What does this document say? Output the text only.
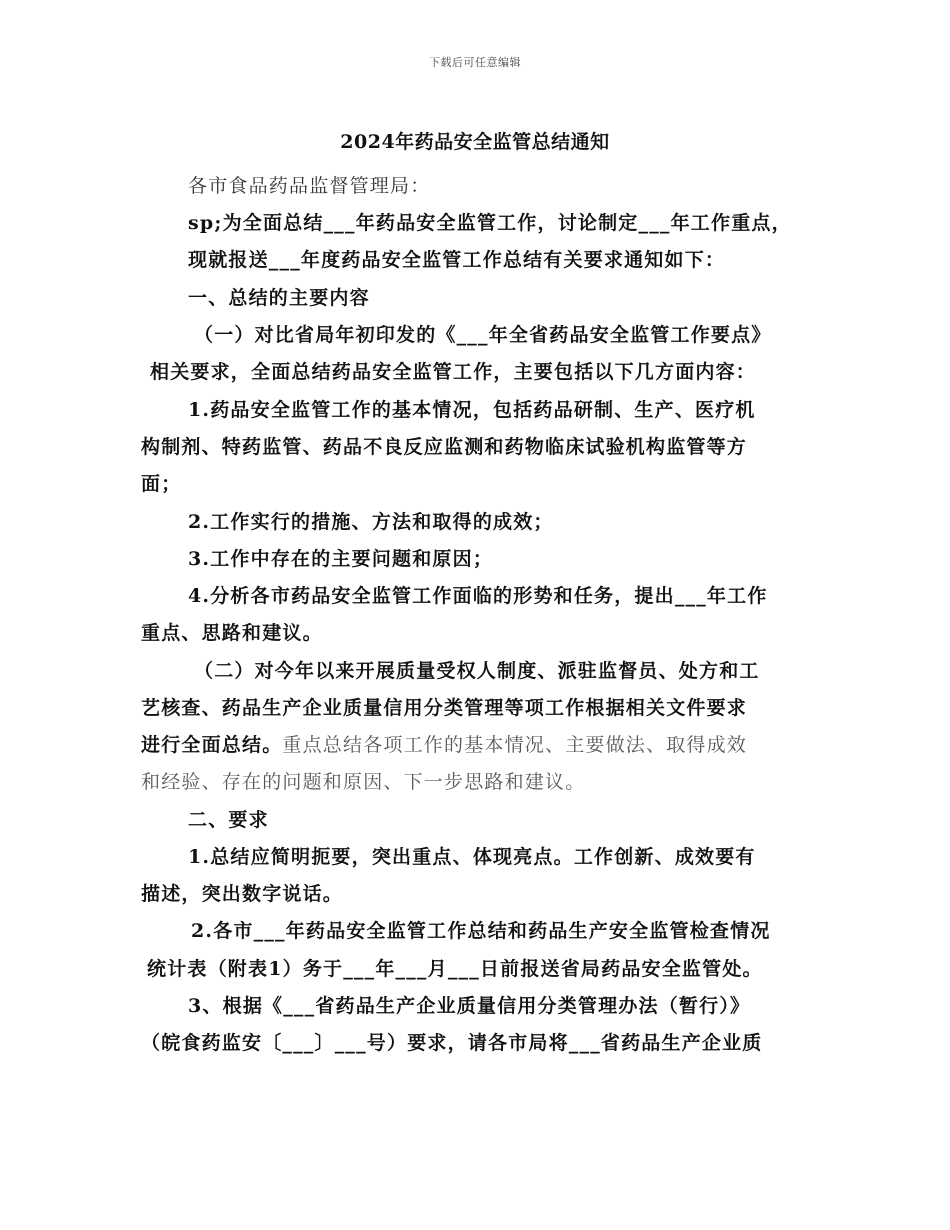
下载后可任意编辑
2024年药品安全监管总结通知
各市食品药品监督管理局：
sp;为全面总结___年药品安全监管工作，讨论制定___年工作重点，
现就报送___年度药品安全监管工作总结有关要求通知如下：
一、总结的主要内容
（一）对比省局年初印发的《___年全省药品安全监管工作要点》
相关要求，全面总结药品安全监管工作，主要包括以下几方面内容：
1.药品安全监管工作的基本情况，包括药品研制、生产、医疗机
构制剂、特药监管、药品不良反应监测和药物临床试验机构监管等方
面；
2.工作实行的措施、方法和取得的成效；
3.工作中存在的主要问题和原因；
4.分析各市药品安全监管工作面临的形势和任务，提出___年工作
重点、思路和建议。
（二）对今年以来开展质量受权人制度、派驻监督员、处方和工
艺核查、药品生产企业质量信用分类管理等项工作根据相关文件要求
进行全面总结。重点总结各项工作的基本情况、主要做法、取得成效
和经验、存在的问题和原因、下一步思路和建议。
二、要求
1.总结应简明扼要，突出重点、体现亮点。工作创新、成效要有
描述，突出数字说话。
2.各市___年药品安全监管工作总结和药品生产安全监管检查情况
统计表（附表1）务于___年___月___日前报送省局药品安全监管处。
3、根据《___省药品生产企业质量信用分类管理办法（暂行）》
（皖食药监安〔___〕___号）要求，请各市局将___省药品生产企业质
